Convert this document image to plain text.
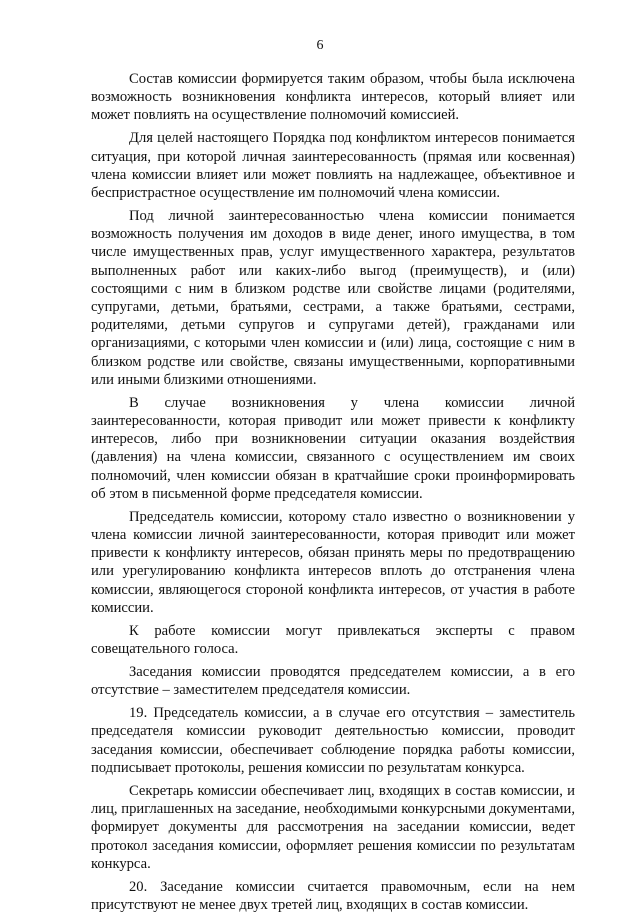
6

Состав комиссии формируется таким образом, чтобы была исключена возможность возникновения конфликта интересов, который влияет или может повлиять на осуществление полномочий комиссией.

Для целей настоящего Порядка под конфликтом интересов понимается ситуация, при которой личная заинтересованность (прямая или косвенная) члена комиссии влияет или может повлиять на надлежащее, объективное и беспристрастное осуществление им полномочий члена комиссии.

Под личной заинтересованностью члена комиссии понимается возможность получения им доходов в виде денег, иного имущества, в том числе имущественных прав, услуг имущественного характера, результатов выполненных работ или каких-либо выгод (преимуществ), и (или) состоящими с ним в близком родстве или свойстве лицами (родителями, супругами, детьми, братьями, сестрами, а также братьями, сестрами, родителями, детьми супругов и супругами детей), гражданами или организациями, с которыми член комиссии и (или) лица, состоящие с ним в близком родстве или свойстве, связаны имущественными, корпоративными или иными близкими отношениями.

В случае возникновения у члена комиссии личной заинтересованности, которая приводит или может привести к конфликту интересов, либо при возникновении ситуации оказания воздействия (давления) на члена комиссии, связанного с осуществлением им своих полномочий, член комиссии обязан в кратчайшие сроки проинформировать об этом в письменной форме председателя комиссии.

Председатель комиссии, которому стало известно о возникновении у члена комиссии личной заинтересованности, которая приводит или может привести к конфликту интересов, обязан принять меры по предотвращению или урегулированию конфликта интересов вплоть до отстранения члена комиссии, являющегося стороной конфликта интересов, от участия в работе комиссии.

К работе комиссии могут привлекаться эксперты с правом совещательного голоса.

Заседания комиссии проводятся председателем комиссии, а в его отсутствие – заместителем председателя комиссии.

19. Председатель комиссии, а в случае его отсутствия – заместитель председателя комиссии руководит деятельностью комиссии, проводит заседания комиссии, обеспечивает соблюдение порядка работы комиссии, подписывает протоколы, решения комиссии по результатам конкурса.

Секретарь комиссии обеспечивает лиц, входящих в состав комиссии, и лиц, приглашенных на заседание, необходимыми конкурсными документами, формирует документы для рассмотрения на заседании комиссии, ведет протокол заседания комиссии, оформляет решения комиссии по результатам конкурса.

20. Заседание комиссии считается правомочным, если на нем присутствуют не менее двух третей лиц, входящих в состав комиссии.
